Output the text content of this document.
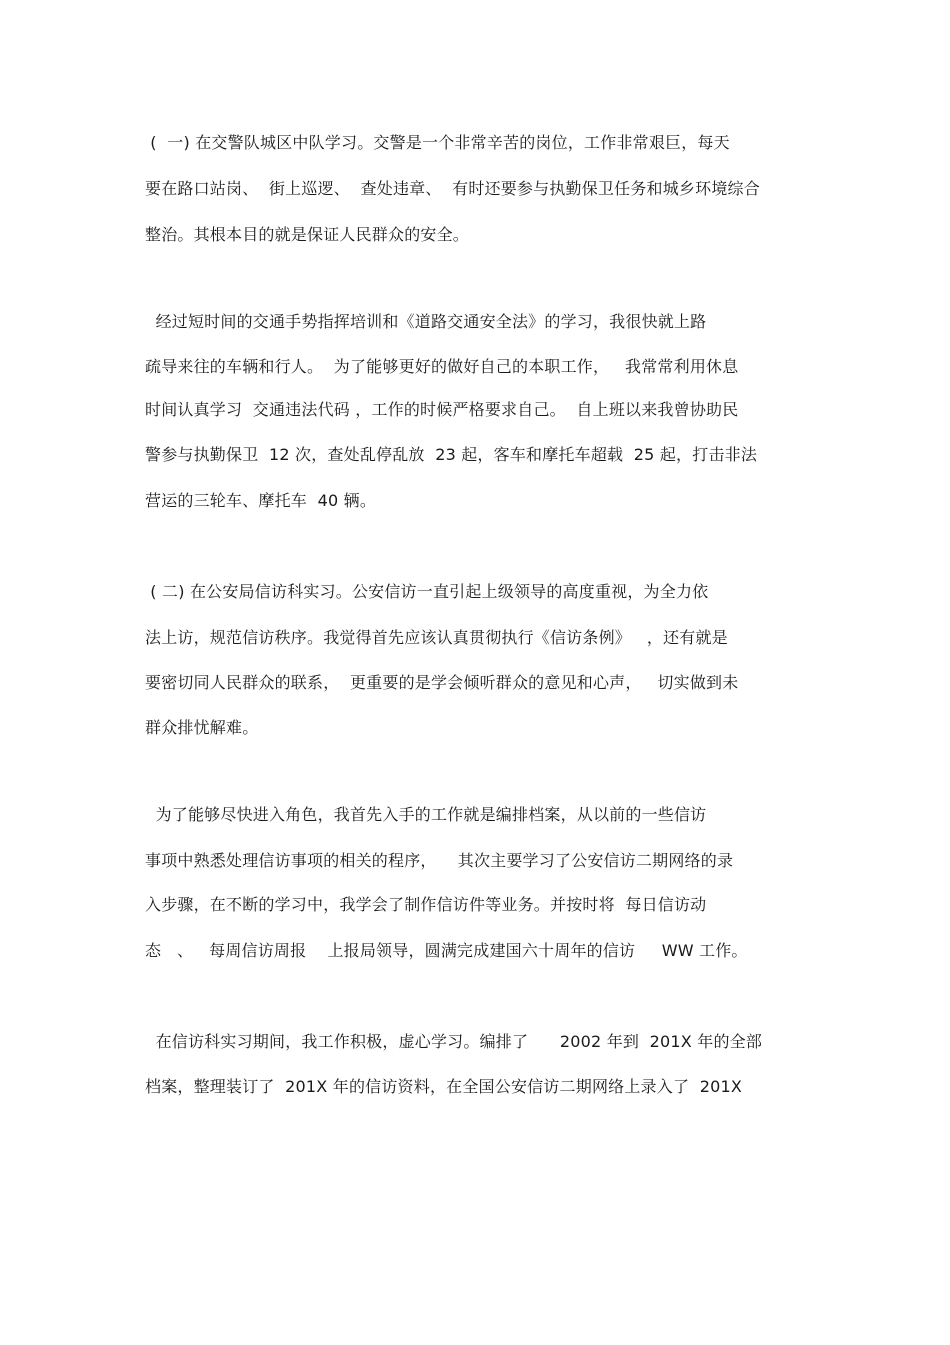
(  一) 在交警队城区中队学习。交警是一个非常辛苦的岗位，工作非常艰巨，每天
要在路口站岗、  街上巡逻、  查处违章、  有时还要参与执勤保卫任务和城乡环境综合
整治。其根本目的就是保证人民群众的安全。
经过短时间的交通手势指挥培训和《道路交通安全法》的学习，我很快就上路
疏导来往的车辆和行人。  为了能够更好的做好自己的本职工作，   我常常利用休息
时间认真学习  交通违法代码 ，工作的时候严格要求自己。  自上班以来我曾协助民
警参与执勤保卫  12 次，查处乱停乱放  23 起，客车和摩托车超载  25 起，打击非法
营运的三轮车、摩托车  40 辆。
( 二) 在公安局信访科实习。公安信访一直引起上级领导的高度重视，为全力依
法上访，规范信访秩序。我觉得首先应该认真贯彻执行《信访条例》   ，还有就是
要密切同人民群众的联系，  更重要的是学会倾听群众的意见和心声，   切实做到未
群众排忧解难。
为了能够尽快进入角色，我首先入手的工作就是编排档案，从以前的一些信访
事项中熟悉处理信访事项的相关的程序，    其次主要学习了公安信访二期网络的录
入步骤，在不断的学习中，我学会了制作信访件等业务。并按时将  每日信访动
态   、   每周信访周报    上报局领导，圆满完成建国六十周年的信访     WW 工作。
在信访科实习期间，我工作积极，虚心学习。编排了      2002 年到  201X 年的全部
档案，整理装订了  201X 年的信访资料，在全国公安信访二期网络上录入了  201X
